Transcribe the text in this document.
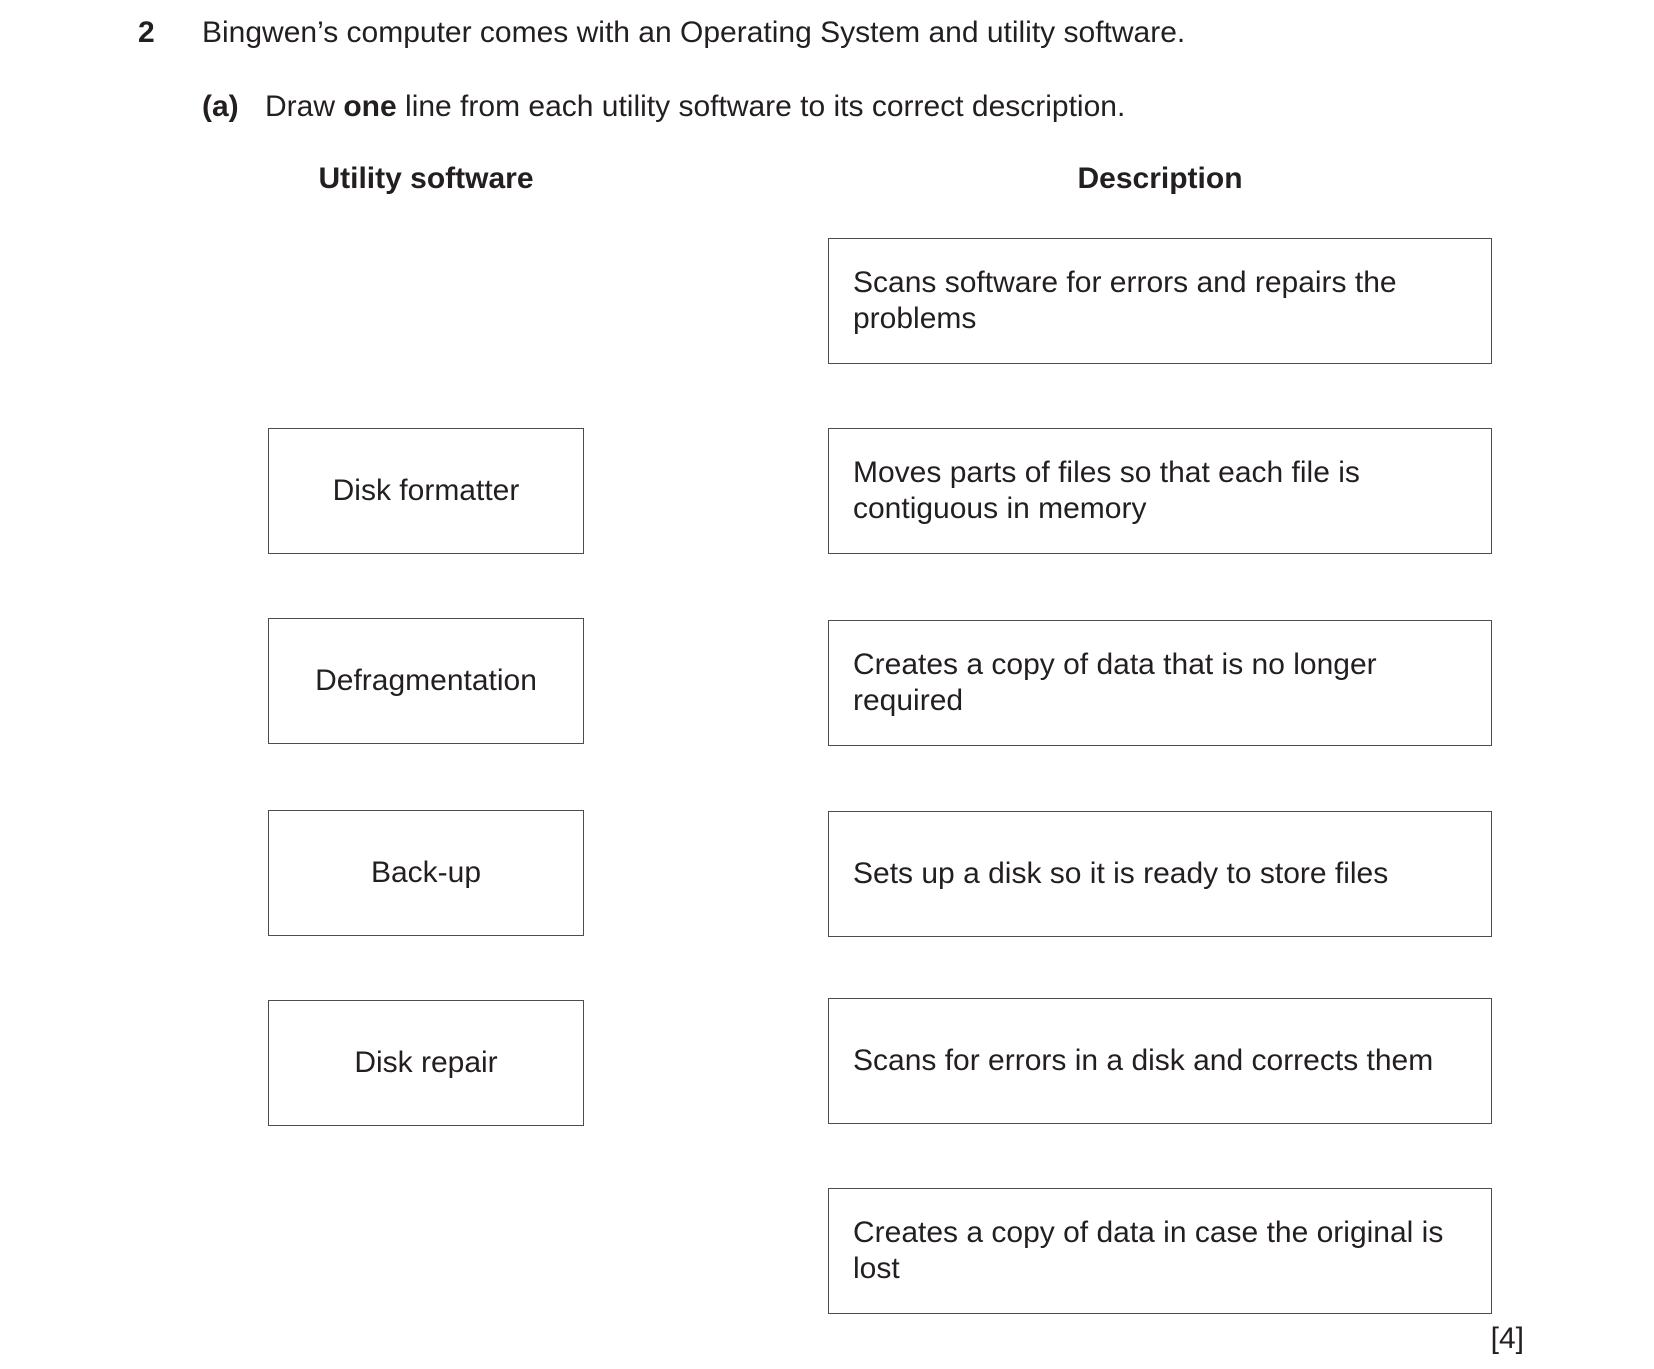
2 Bingwen’s computer comes with an Operating System and utility software.
(a) Draw one line from each utility software to its correct description.
Utility software	Description
Disk formatter
Defragmentation
Back-up
Disk repair
Scans software for errors and repairs the problems
Moves parts of files so that each file is contiguous in memory
Creates a copy of data that is no longer required
Sets up a disk so it is ready to store files
Scans for errors in a disk and corrects them
Creates a copy of data in case the original is lost
[4]
